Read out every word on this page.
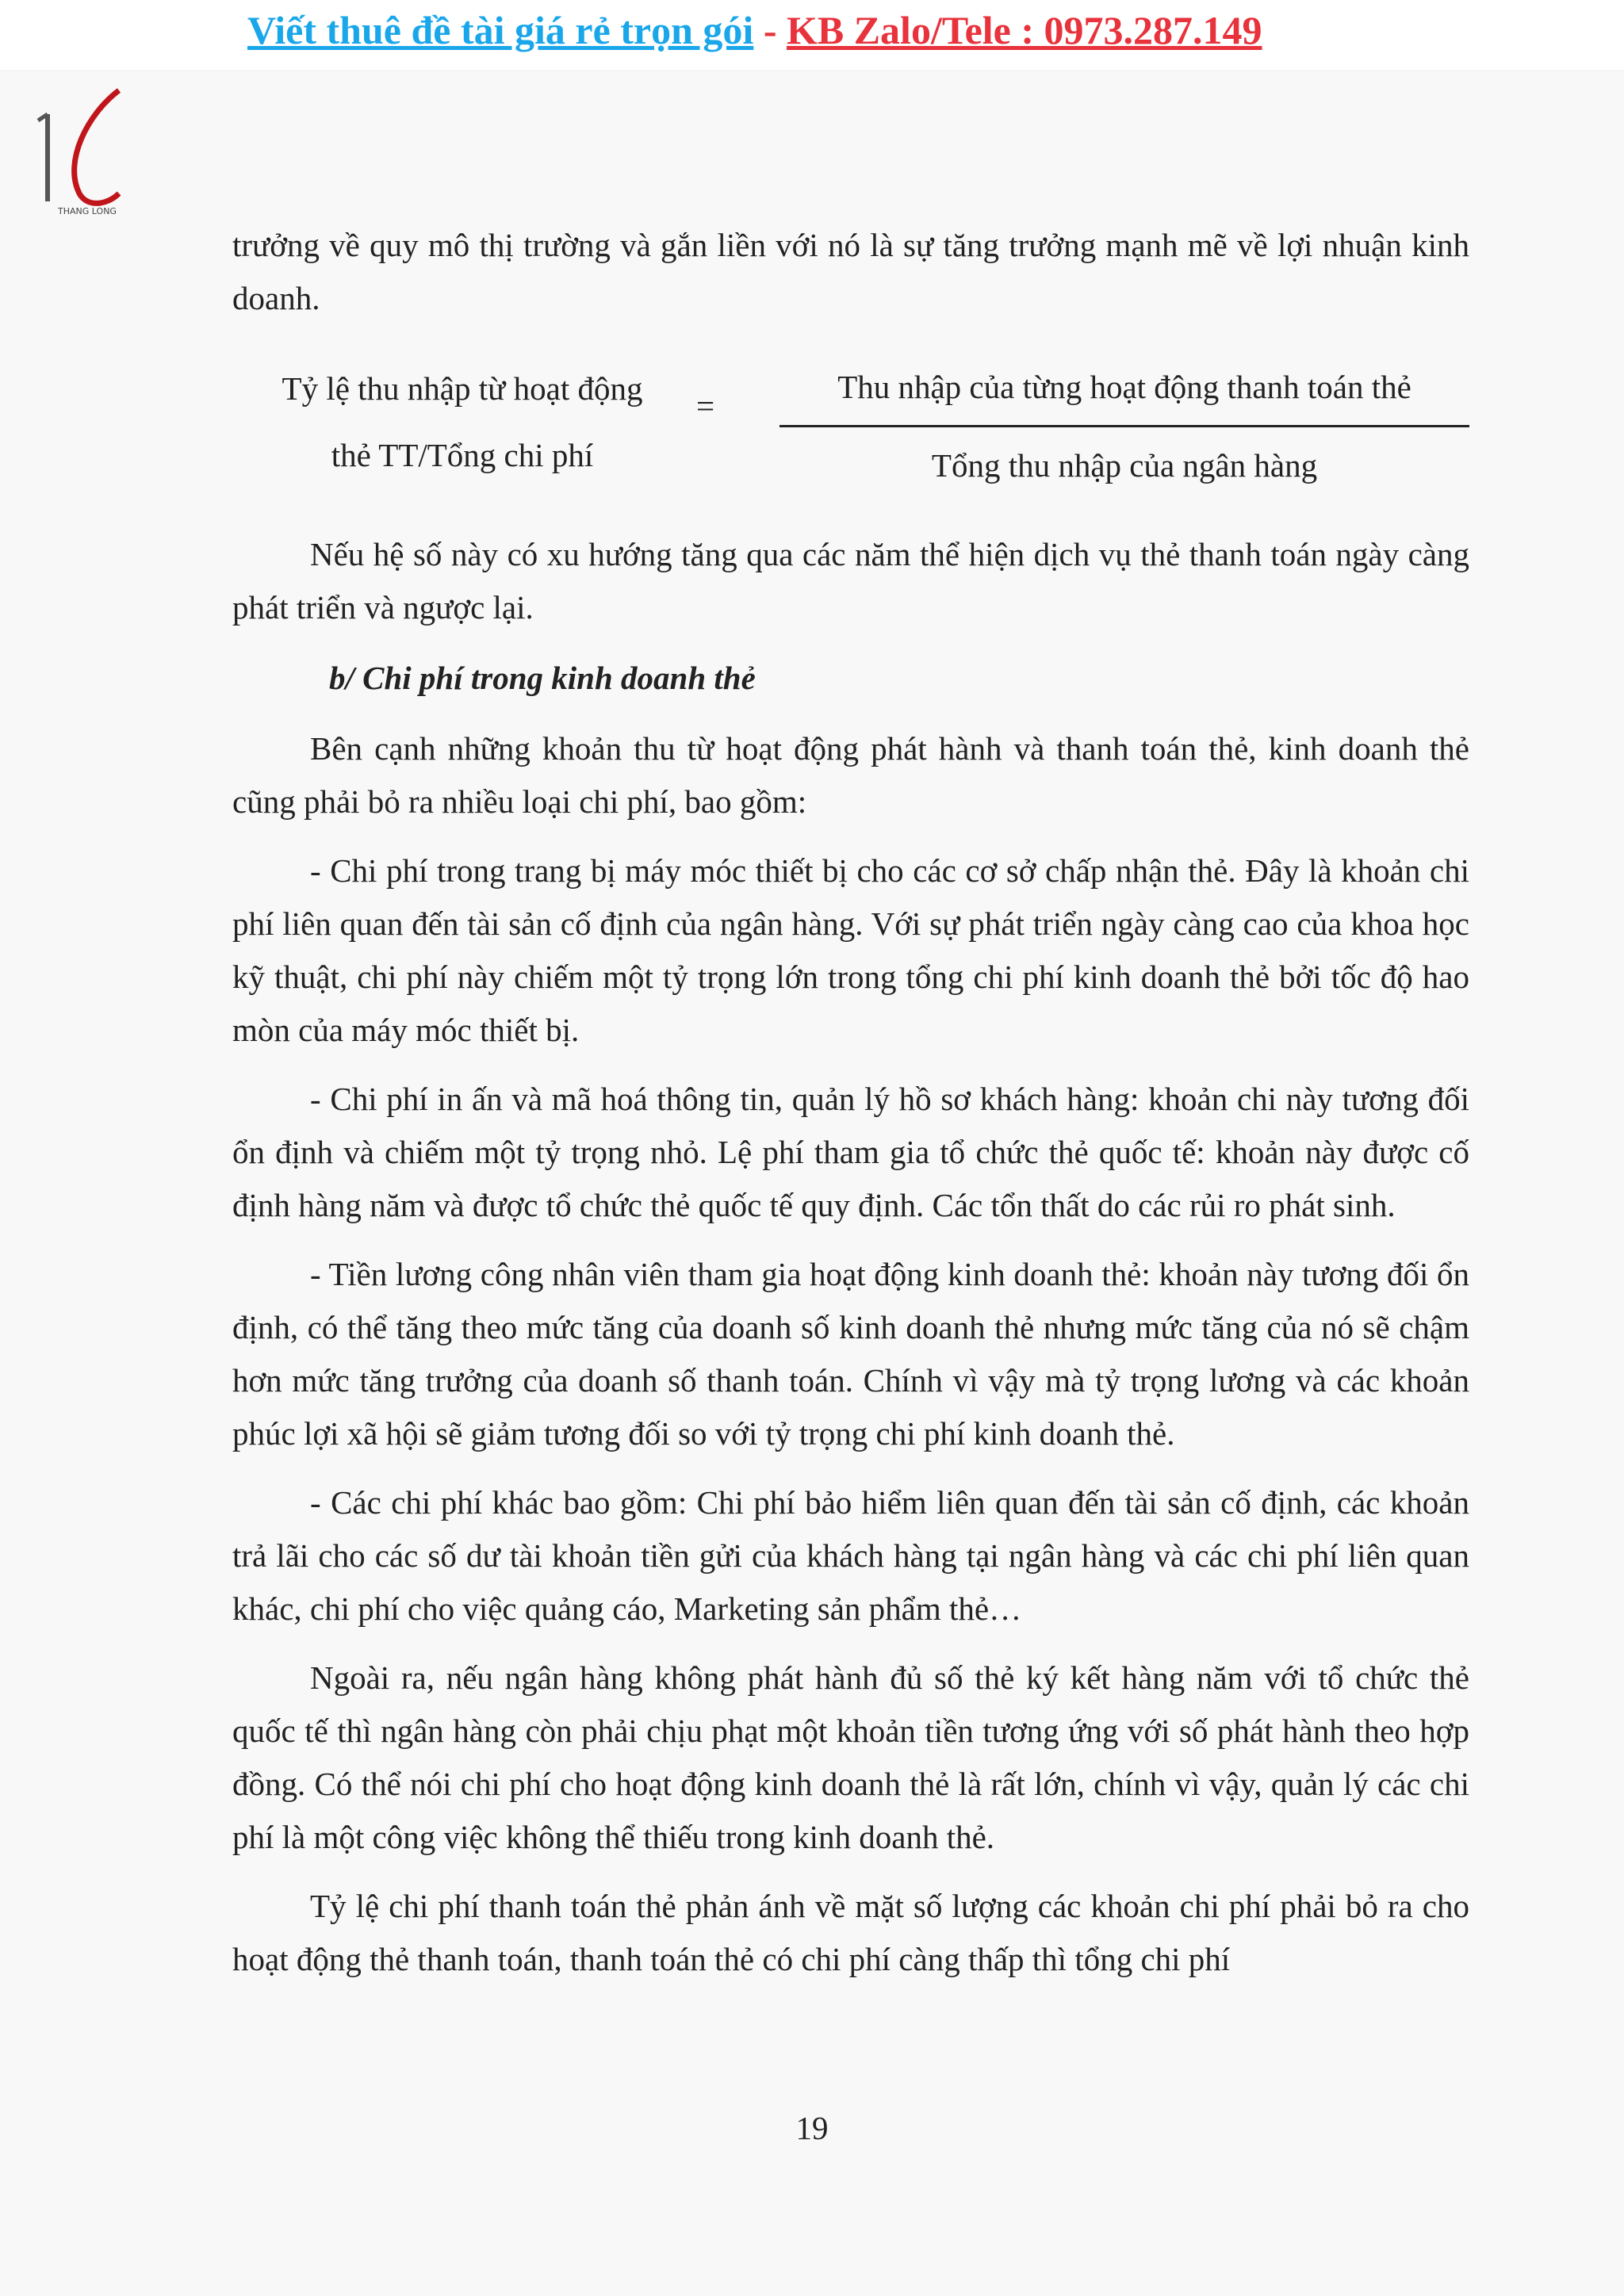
Viết thuê đề tài giá rẻ trọn gói - KB Zalo/Tele : 0973.287.149
THANG LONG

trưởng về quy mô thị trường và gắn liền với nó là sự tăng trưởng mạnh mẽ về lợi nhuận kinh doanh.

Tỷ lệ thu nhập từ hoạt động
thẻ TT/Tổng chi phí
=
Thu nhập của từng hoạt động thanh toán thẻ
Tổng thu nhập của ngân hàng

Nếu hệ số này có xu hướng tăng qua các năm thể hiện dịch vụ thẻ thanh toán ngày càng phát triển và ngược lại.

b/ Chi phí trong kinh doanh thẻ

Bên cạnh những khoản thu từ hoạt động phát hành và thanh toán thẻ, kinh doanh thẻ cũng phải bỏ ra nhiều loại chi phí, bao gồm:

- Chi phí trong trang bị máy móc thiết bị cho các cơ sở chấp nhận thẻ. Đây là khoản chi phí liên quan đến tài sản cố định của ngân hàng. Với sự phát triển ngày càng cao của khoa học kỹ thuật, chi phí này chiếm một tỷ trọng lớn trong tổng chi phí kinh doanh thẻ bởi tốc độ hao mòn của máy móc thiết bị.

- Chi phí in ấn và mã hoá thông tin, quản lý hồ sơ khách hàng: khoản chi này tương đối ổn định và chiếm một tỷ trọng nhỏ. Lệ phí tham gia tổ chức thẻ quốc tế: khoản này được cố định hàng năm và được tổ chức thẻ quốc tế quy định. Các tổn thất do các rủi ro phát sinh.

- Tiền lương công nhân viên tham gia hoạt động kinh doanh thẻ: khoản này tương đối ổn định, có thể tăng theo mức tăng của doanh số kinh doanh thẻ nhưng mức tăng của nó sẽ chậm hơn mức tăng trưởng của doanh số thanh toán. Chính vì vậy mà tỷ trọng lương và các khoản phúc lợi xã hội sẽ giảm tương đối so với tỷ trọng chi phí kinh doanh thẻ.

- Các chi phí khác bao gồm: Chi phí bảo hiểm liên quan đến tài sản cố định, các khoản trả lãi cho các số dư tài khoản tiền gửi của khách hàng tại ngân hàng và các chi phí liên quan khác, chi phí cho việc quảng cáo, Marketing sản phẩm thẻ…

Ngoài ra, nếu ngân hàng không phát hành đủ số thẻ ký kết hàng năm với tổ chức thẻ quốc tế thì ngân hàng còn phải chịu phạt một khoản tiền tương ứng với số phát hành theo hợp đồng. Có thể nói chi phí cho hoạt động kinh doanh thẻ là rất lớn, chính vì vậy, quản lý các chi phí là một công việc không thể thiếu trong kinh doanh thẻ.

Tỷ lệ chi phí thanh toán thẻ phản ánh về mặt số lượng các khoản chi phí phải bỏ ra cho hoạt động thẻ thanh toán, thanh toán thẻ có chi phí càng thấp thì tổng chi phí

19
